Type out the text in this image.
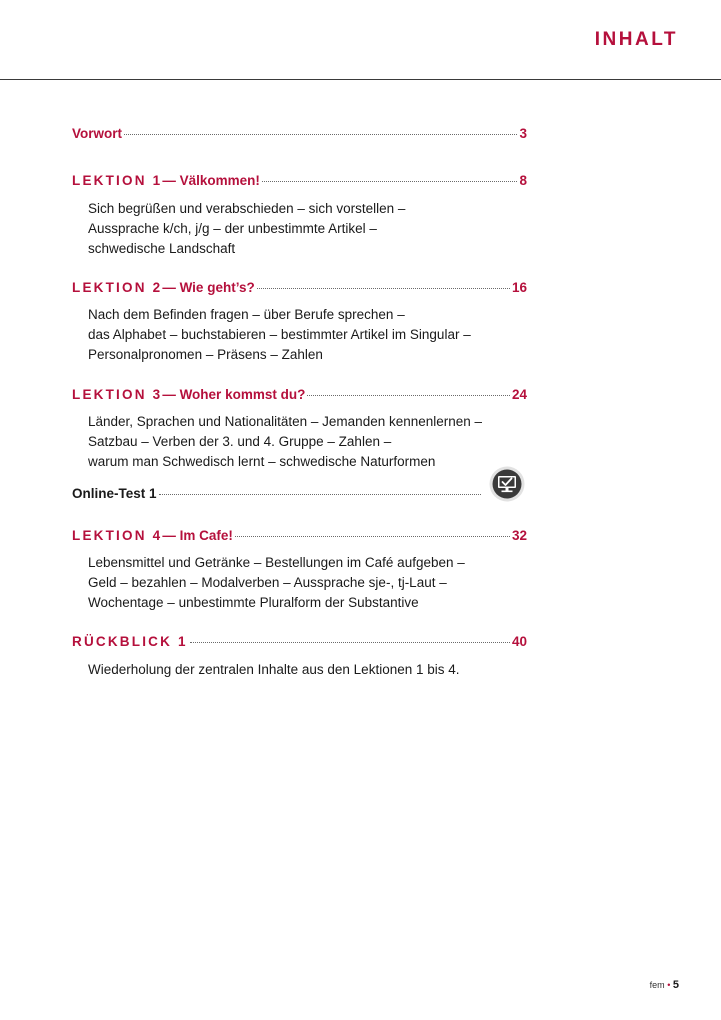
INHALT
Vorwort	3
LEKTION 1 — Välkommen!	8
Sich begrüßen und verabschieden – sich vorstellen –
Aussprache k/ch, j/g – der unbestimmte Artikel –
schwedische Landschaft
LEKTION 2 — Wie geht’s?	16
Nach dem Befinden fragen – über Berufe sprechen –
das Alphabet – buchstabieren – bestimmter Artikel im Singular –
Personalpronomen – Präsens – Zahlen
LEKTION 3 — Woher kommst du?	24
Länder, Sprachen und Nationalitäten – Jemanden kennenlernen –
Satzbau – Verben der 3. und 4. Gruppe – Zahlen –
warum man Schwedisch lernt – schwedische Naturformen
Online-Test 1
LEKTION 4 — Im Cafe!	32
Lebensmittel und Getränke – Bestellungen im Café aufgeben –
Geld – bezahlen – Modalverben – Aussprache sje-, tj-Laut –
Wochentage – unbestimmte Pluralform der Substantive
RÜCKBLICK 1	40
Wiederholung der zentralen Inhalte aus den Lektionen 1 bis 4.
fem • 5
